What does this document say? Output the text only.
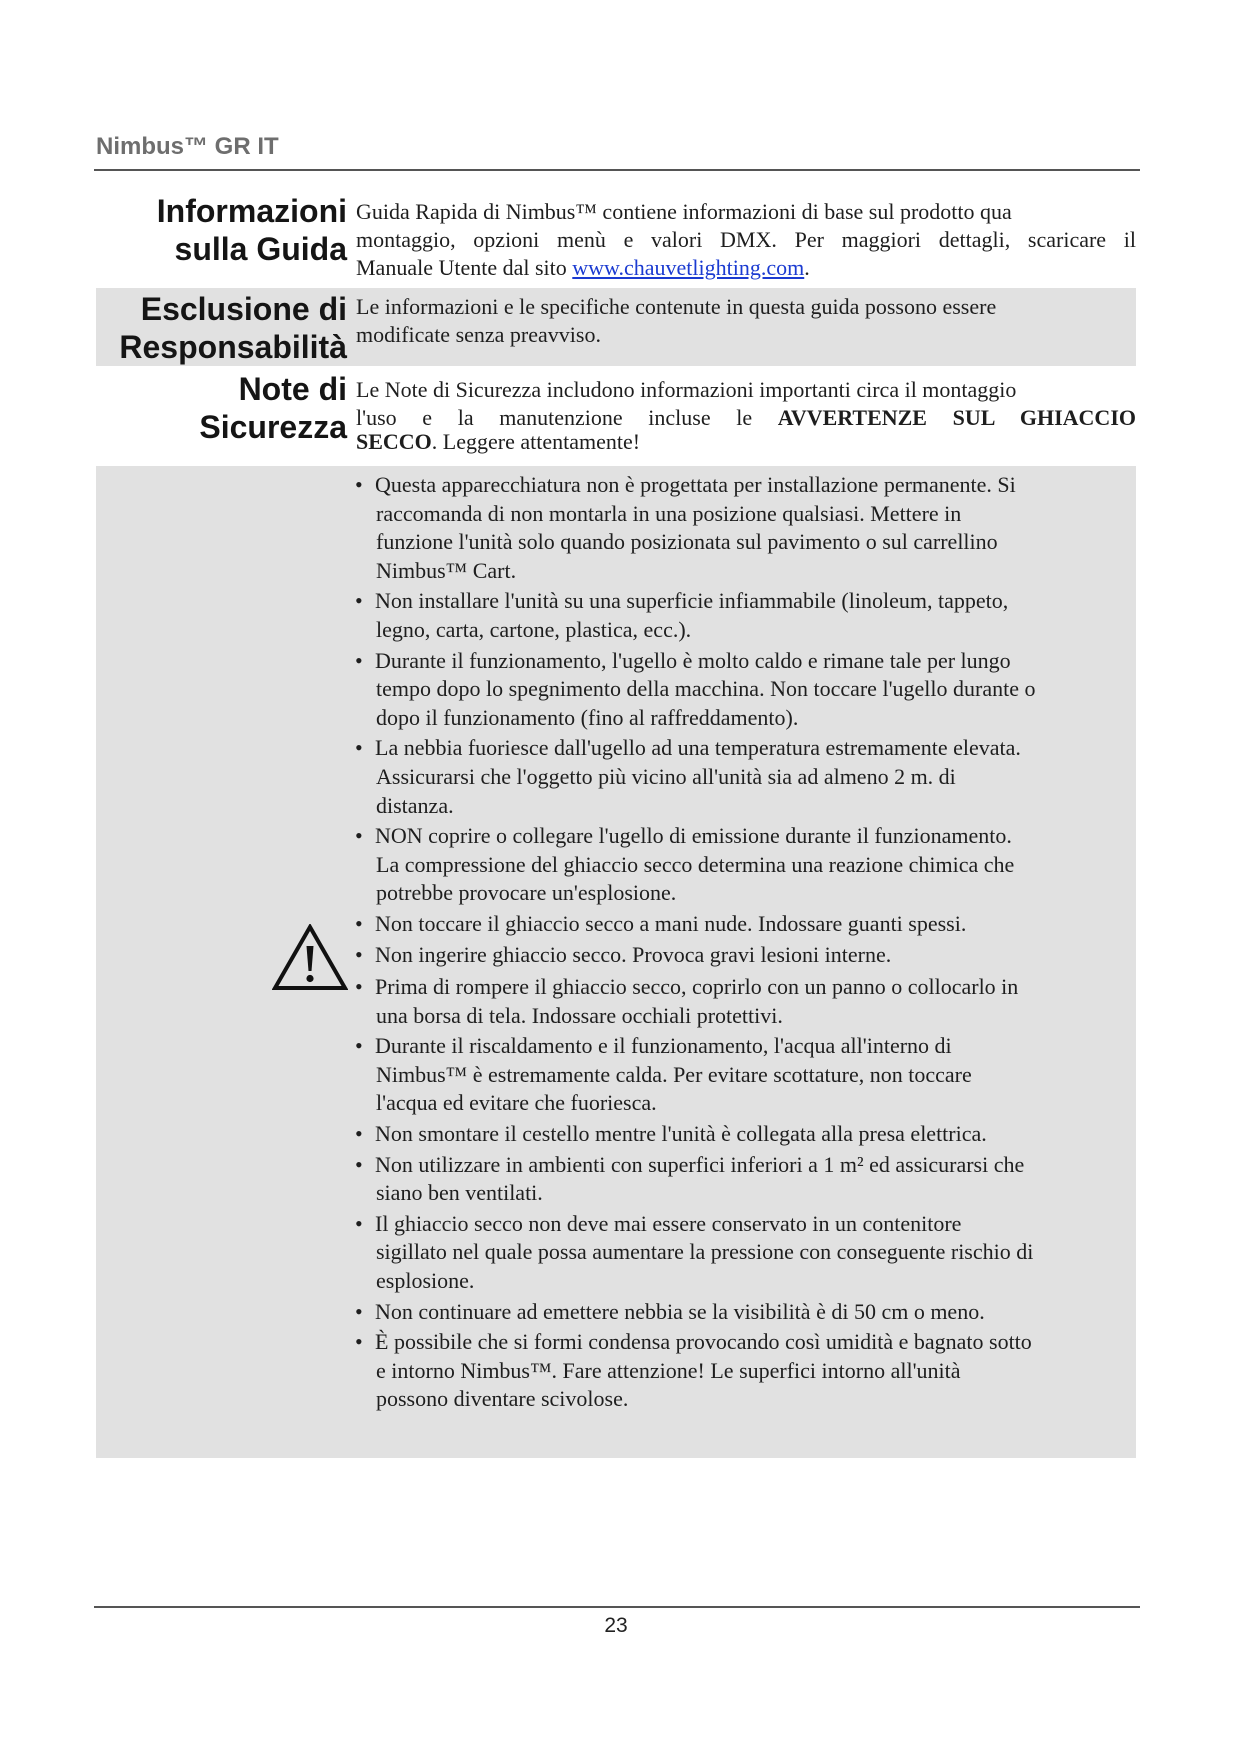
Nimbus™ GR IT
Informazioni
sulla Guida
Guida Rapida di Nimbus™ contiene informazioni di base sul prodotto qua
montaggio, opzioni menù e valori DMX. Per maggiori dettagli, scaricare il
Manuale Utente dal sito www.chauvetlighting.com.
Esclusione di
Responsabilità
Le informazioni e le specifiche contenute in questa guida possono essere
modificate senza preavviso.
Note di
Sicurezza
Le Note di Sicurezza includono informazioni importanti circa il montaggio
l'uso e la manutenzione incluse le AVVERTENZE SUL GHIACCIO
SECCO. Leggere attentamente!
• Questa apparecchiatura non è progettata per installazione permanente. Si
raccomanda di non montarla in una posizione qualsiasi. Mettere in
funzione l'unità solo quando posizionata sul pavimento o sul carrellino
Nimbus™ Cart.
• Non installare l'unità su una superficie infiammabile (linoleum, tappeto,
legno, carta, cartone, plastica, ecc.).
• Durante il funzionamento, l'ugello è molto caldo e rimane tale per lungo
tempo dopo lo spegnimento della macchina. Non toccare l'ugello durante o
dopo il funzionamento (fino al raffreddamento).
• La nebbia fuoriesce dall'ugello ad una temperatura estremamente elevata.
Assicurarsi che l'oggetto più vicino all'unità sia ad almeno 2 m. di
distanza.
• NON coprire o collegare l'ugello di emissione durante il funzionamento.
La compressione del ghiaccio secco determina una reazione chimica che
potrebbe provocare un'esplosione.
• Non toccare il ghiaccio secco a mani nude. Indossare guanti spessi.
• Non ingerire ghiaccio secco. Provoca gravi lesioni interne.
• Prima di rompere il ghiaccio secco, coprirlo con un panno o collocarlo in
una borsa di tela. Indossare occhiali protettivi.
• Durante il riscaldamento e il funzionamento, l'acqua all'interno di
Nimbus™ è estremamente calda. Per evitare scottature, non toccare
l'acqua ed evitare che fuoriesca.
• Non smontare il cestello mentre l'unità è collegata alla presa elettrica.
• Non utilizzare in ambienti con superfici inferiori a 1 m² ed assicurarsi che
siano ben ventilati.
• Il ghiaccio secco non deve mai essere conservato in un contenitore
sigillato nel quale possa aumentare la pressione con conseguente rischio di
esplosione.
• Non continuare ad emettere nebbia se la visibilità è di 50 cm o meno.
• È possibile che si formi condensa provocando così umidità e bagnato sotto
e intorno Nimbus™. Fare attenzione! Le superfici intorno all'unità
possono diventare scivolose.
23
